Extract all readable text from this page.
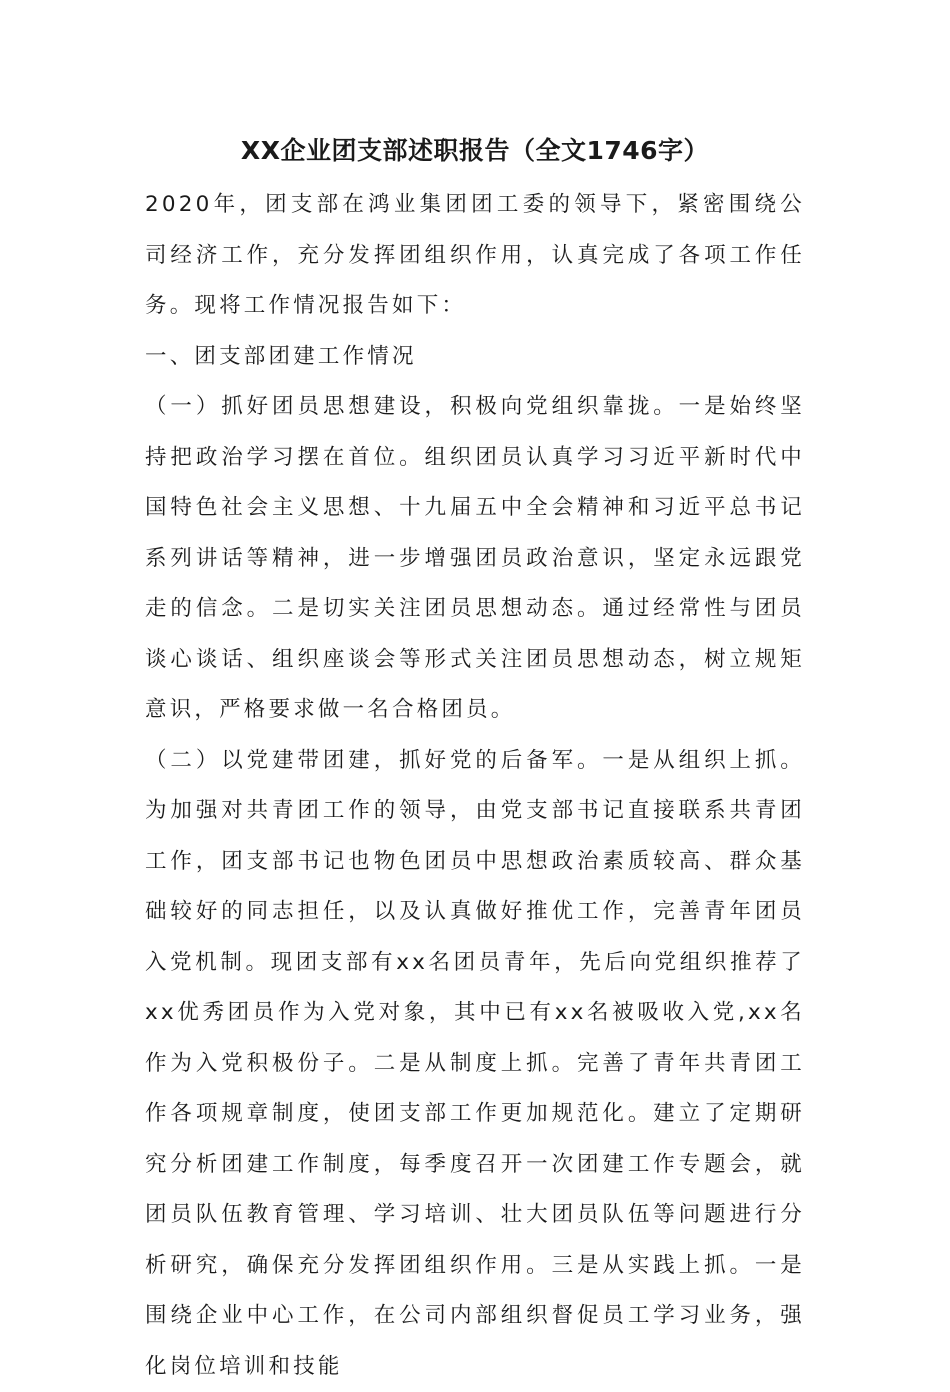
XX企业团支部述职报告（全文1746字）

2020年，团支部在鸿业集团团工委的领导下，紧密围绕公司经济工作，充分发挥团组织作用，认真完成了各项工作任务。现将工作情况报告如下：

一、团支部团建工作情况

（一）抓好团员思想建设，积极向党组织靠拢。一是始终坚持把政治学习摆在首位。组织团员认真学习习近平新时代中国特色社会主义思想、十九届五中全会精神和习近平总书记系列讲话等精神，进一步增强团员政治意识，坚定永远跟党走的信念。二是切实关注团员思想动态。通过经常性与团员谈心谈话、组织座谈会等形式关注团员思想动态，树立规矩意识，严格要求做一名合格团员。

（二）以党建带团建，抓好党的后备军。一是从组织上抓。为加强对共青团工作的领导，由党支部书记直接联系共青团工作，团支部书记也物色团员中思想政治素质较高、群众基础较好的同志担任，以及认真做好推优工作，完善青年团员入党机制。现团支部有xx名团员青年，先后向党组织推荐了xx优秀团员作为入党对象，其中已有xx名被吸收入党,xx名作为入党积极份子。二是从制度上抓。完善了青年共青团工作各项规章制度，使团支部工作更加规范化。建立了定期研究分析团建工作制度，每季度召开一次团建工作专题会，就团员队伍教育管理、学习培训、壮大团员队伍等问题进行分析研究，确保充分发挥团组织作用。三是从实践上抓。一是围绕企业中心工作，在公司内部组织督促员工学习业务，强化岗位培训和技能
